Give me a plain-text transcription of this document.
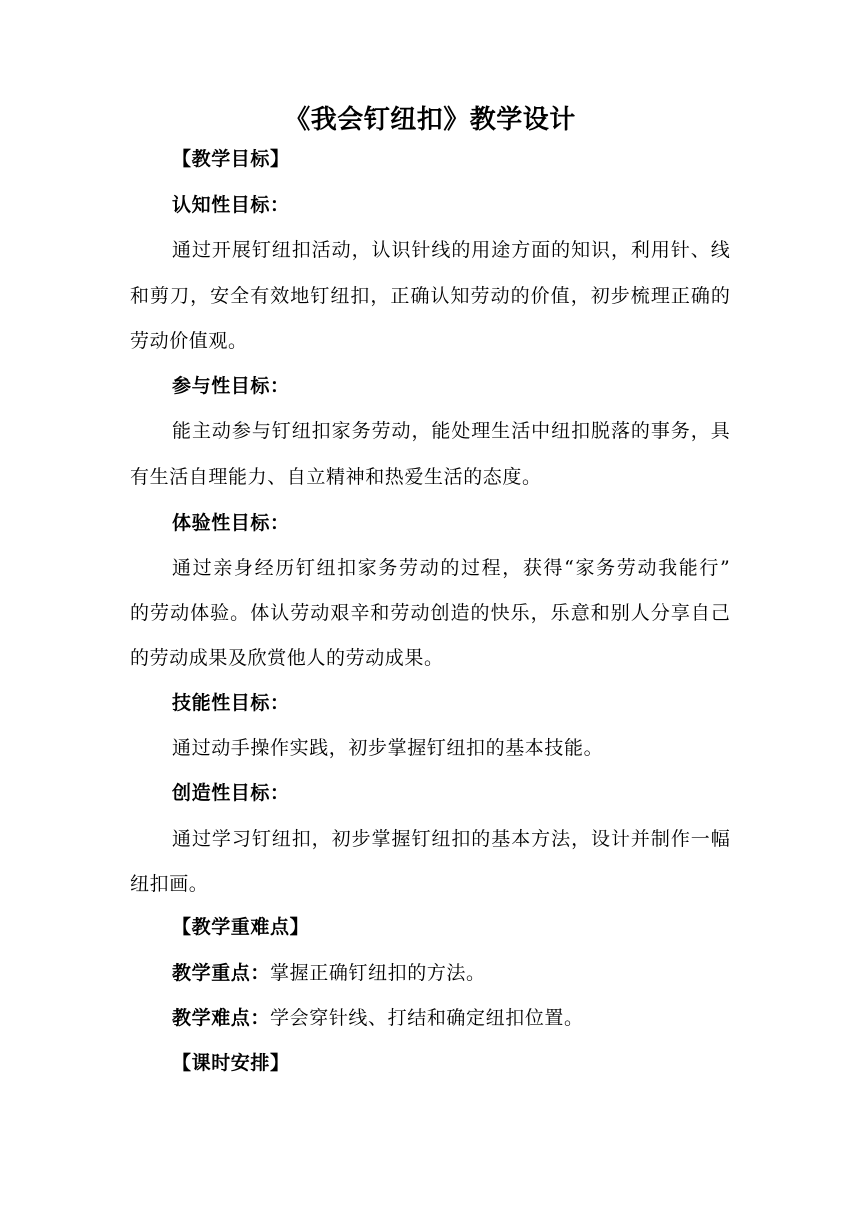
《我会钉纽扣》教学设计
【教学目标】
认知性目标：
通 过 开 展 钉 纽 扣 活 动 ， 认 识 针 线 的 用 途 方 面 的 知 识 ， 利 用 针 、 线
和 剪 刀 ， 安 全 有 效 地 钉 纽 扣 ， 正 确 认 知 劳 动 的 价 值 ， 初 步 梳 理 正 确 的
劳动价值观。
参与性目标：
能 主 动 参 与 钉 纽 扣 家 务 劳 动 ， 能 处 理 生 活 中 纽 扣 脱 落 的 事 务 ， 具
有生活自理能力、自立精神和热爱生活的态度。
体验性目标：
通 过 亲 身 经 历 钉 纽 扣 家 务 劳 动 的 过 程 ， 获 得 “ 家 务 劳 动 我 能 行 ”
的 劳 动 体 验 。 体 认 劳 动 艰 辛 和 劳 动 创 造 的 快 乐 ， 乐 意 和 别 人 分 享 自 己
的劳动成果及欣赏他人的劳动成果。
技能性目标：
通过动手操作实践，初步掌握钉纽扣的基本技能。
创造性目标：
通 过 学 习 钉 纽 扣 ， 初 步 掌 握 钉 纽 扣 的 基 本 方 法 ， 设 计 并 制 作 一 幅
纽扣画。
【教学重难点】
教学重点：掌握正确钉纽扣的方法。
教学难点：学会穿针线、打结和确定纽扣位置。
【课时安排】
